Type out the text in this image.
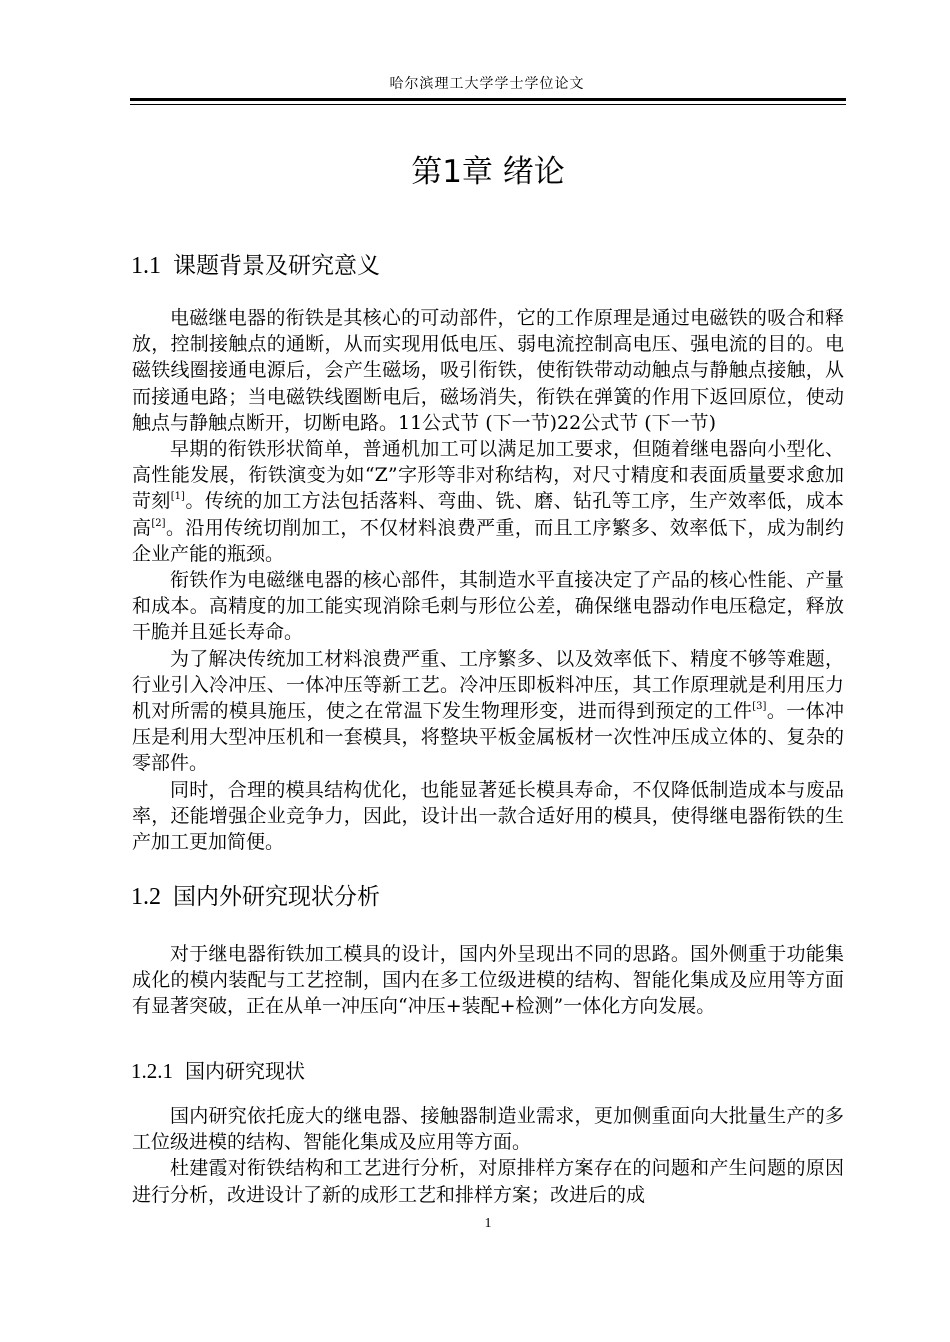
哈尔滨理工大学学士学位论文
第1章 绪论
1.1 课题背景及研究意义

电磁继电器的衔铁是其核心的可动部件，它的工作原理是通过电磁铁的吸合和释放，控制接触点的通断，从而实现用低电压、弱电流控制高电压、强电流的目的。电磁铁线圈接通电源后，会产生磁场，吸引衔铁，使衔铁带动动触点与静触点接触，从而接通电路；当电磁铁线圈断电后，磁场消失，衔铁在弹簧的作用下返回原位，使动触点与静触点断开，切断电路。11公式节 (下一节)22公式节 (下一节)

早期的衔铁形状简单，普通机加工可以满足加工要求，但随着继电器向小型化、高性能发展，衔铁演变为如“Z”字形等非对称结构，对尺寸精度和表面质量要求愈加苛刻[1]。传统的加工方法包括落料、弯曲、铣、磨、钻孔等工序，生产效率低，成本高[2]。沿用传统切削加工，不仅材料浪费严重，而且工序繁多、效率低下，成为制约企业产能的瓶颈。

衔铁作为电磁继电器的核心部件，其制造水平直接决定了产品的核心性能、产量和成本。高精度的加工能实现消除毛刺与形位公差，确保继电器动作电压稳定，释放干脆并且延长寿命。

为了解决传统加工材料浪费严重、工序繁多、以及效率低下、精度不够等难题，行业引入冷冲压、一体冲压等新工艺。冷冲压即板料冲压，其工作原理就是利用压力机对所需的模具施压，使之在常温下发生物理形变，进而得到预定的工件[3]。一体冲压是利用大型冲压机和一套模具，将整块平板金属板材一次性冲压成立体的、复杂的零部件。

同时，合理的模具结构优化，也能显著延长模具寿命，不仅降低制造成本与废品率，还能增强企业竞争力，因此，设计出一款合适好用的模具，使得继电器衔铁的生产加工更加简便。

1.2 国内外研究现状分析

对于继电器衔铁加工模具的设计，国内外呈现出不同的思路。国外侧重于功能集成化的模内装配与工艺控制，国内在多工位级进模的结构、智能化集成及应用等方面有显著突破，正在从单一冲压向“冲压+装配+检测”一体化方向发展。

1.2.1 国内研究现状

国内研究依托庞大的继电器、接触器制造业需求，更加侧重面向大批量生产的多工位级进模的结构、智能化集成及应用等方面。

杜建霞对衔铁结构和工艺进行分析，对原排样方案存在的问题和产生问题的原因进行分析，改进设计了新的成形工艺和排样方案；改进后的成

1
